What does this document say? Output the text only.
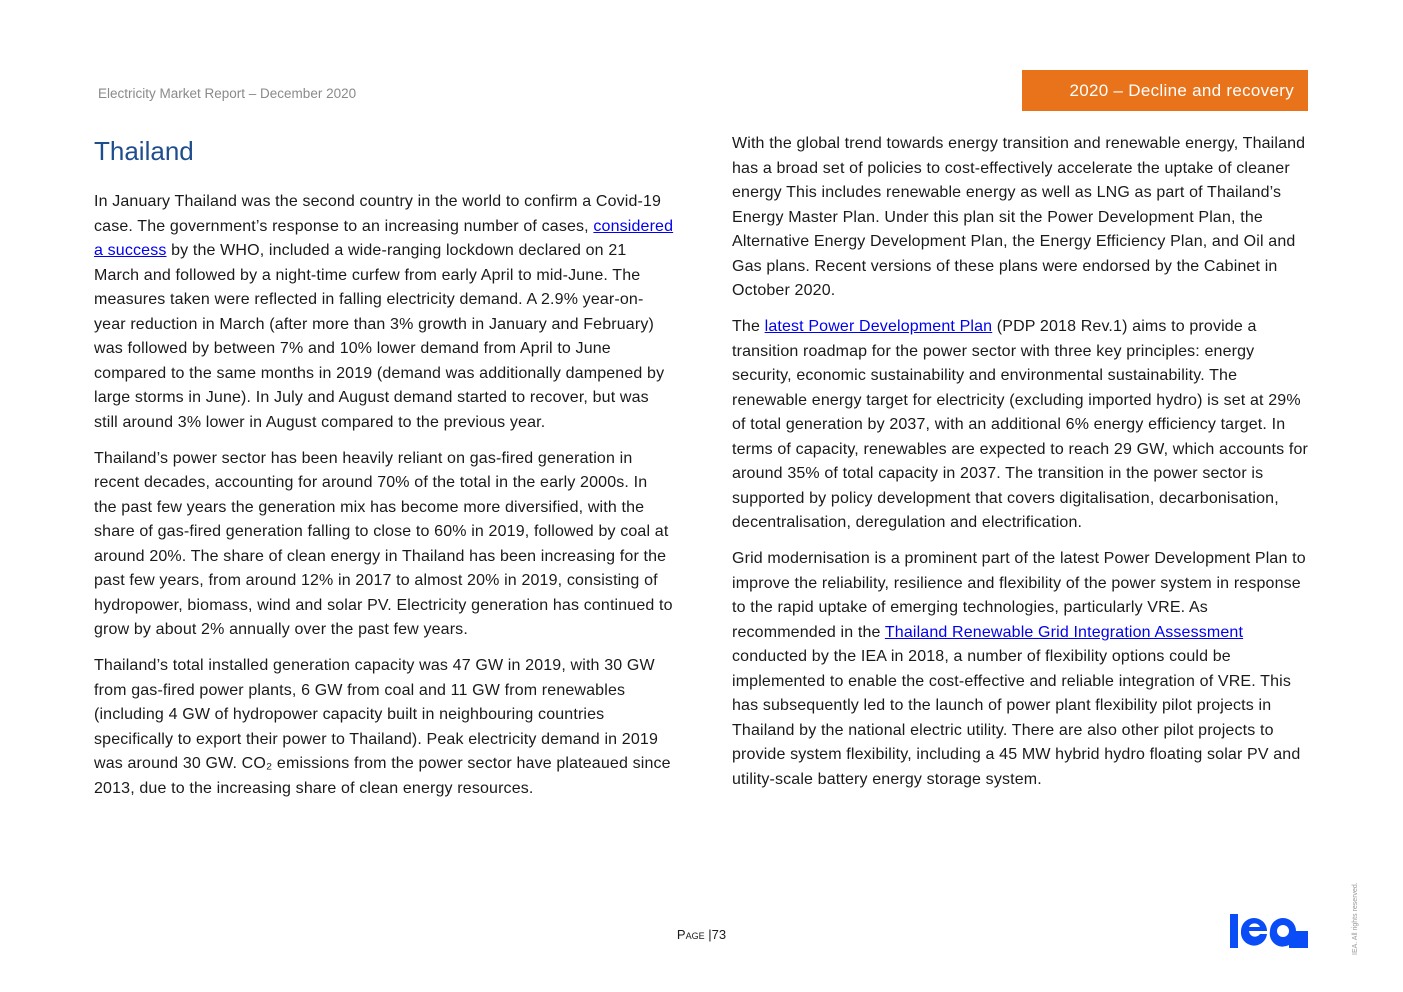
Electricity Market Report – December 2020	2020 – Decline and recovery
Thailand

In January Thailand was the second country in the world to confirm a Covid-19 case. The government’s response to an increasing number of cases, considered a success by the WHO, included a wide-ranging lockdown declared on 21 March and followed by a night-time curfew from early April to mid-June. The measures taken were reflected in falling electricity demand. A 2.9% year-on-year reduction in March (after more than 3% growth in January and February) was followed by between 7% and 10% lower demand from April to June compared to the same months in 2019 (demand was additionally dampened by large storms in June). In July and August demand started to recover, but was still around 3% lower in August compared to the previous year.

Thailand’s power sector has been heavily reliant on gas-fired generation in recent decades, accounting for around 70% of the total in the early 2000s. In the past few years the generation mix has become more diversified, with the share of gas-fired generation falling to close to 60% in 2019, followed by coal at around 20%. The share of clean energy in Thailand has been increasing for the past few years, from around 12% in 2017 to almost 20% in 2019, consisting of hydropower, biomass, wind and solar PV. Electricity generation has continued to grow by about 2% annually over the past few years.

Thailand’s total installed generation capacity was 47 GW in 2019, with 30 GW from gas-fired power plants, 6 GW from coal and 11 GW from renewables (including 4 GW of hydropower capacity built in neighbouring countries specifically to export their power to Thailand). Peak electricity demand in 2019 was around 30 GW. CO₂ emissions from the power sector have plateaued since 2013, due to the increasing share of clean energy resources.

With the global trend towards energy transition and renewable energy, Thailand has a broad set of policies to cost-effectively accelerate the uptake of cleaner energy This includes renewable energy as well as LNG as part of Thailand’s Energy Master Plan. Under this plan sit the Power Development Plan, the Alternative Energy Development Plan, the Energy Efficiency Plan, and Oil and Gas plans. Recent versions of these plans were endorsed by the Cabinet in October 2020.

The latest Power Development Plan (PDP 2018 Rev.1) aims to provide a transition roadmap for the power sector with three key principles: energy security, economic sustainability and environmental sustainability. The renewable energy target for electricity (excluding imported hydro) is set at 29% of total generation by 2037, with an additional 6% energy efficiency target. In terms of capacity, renewables are expected to reach 29 GW, which accounts for around 35% of total capacity in 2037. The transition in the power sector is supported by policy development that covers digitalisation, decarbonisation, decentralisation, deregulation and electrification.

Grid modernisation is a prominent part of the latest Power Development Plan to improve the reliability, resilience and flexibility of the power system in response to the rapid uptake of emerging technologies, particularly VRE. As recommended in the Thailand Renewable Grid Integration Assessment conducted by the IEA in 2018, a number of flexibility options could be implemented to enable the cost-effective and reliable integration of VRE. This has subsequently led to the launch of power plant flexibility pilot projects in Thailand by the national electric utility. There are also other pilot projects to provide system flexibility, including a 45 MW hybrid hydro floating solar PV and utility-scale battery energy storage system.

Page |73	IEA. All rights reserved.
